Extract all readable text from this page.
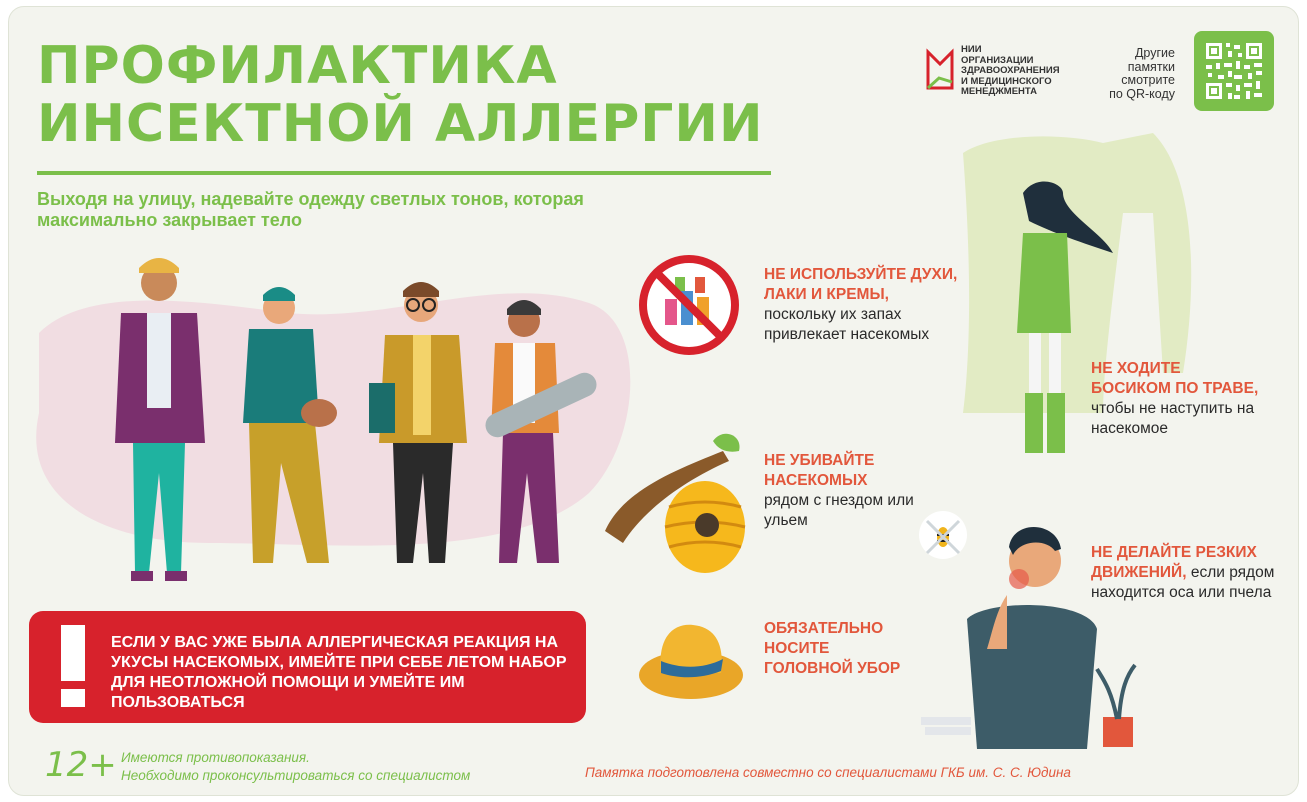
ПРОФИЛАКТИКА
ИНСЕКТНОЙ АЛЛЕРГИИ
Выходя на улицу, надевайте одежду светлых тонов, которая максимально закрывает тело
НИИ
ОРГАНИЗАЦИИ
ЗДРАВООХРАНЕНИЯ
И МЕДИЦИНСКОГО
МЕНЕДЖМЕНТА
Другие
памятки
смотрите
по QR-коду
ЕСЛИ У ВАС УЖЕ БЫЛА АЛЛЕРГИЧЕСКАЯ РЕАКЦИЯ НА УКУСЫ НАСЕКОМЫХ, ИМЕЙТЕ ПРИ СЕБЕ ЛЕТОМ НАБОР ДЛЯ НЕОТЛОЖНОЙ ПОМОЩИ И УМЕЙТЕ ИМ ПОЛЬЗОВАТЬСЯ
НЕ ИСПОЛЬЗУЙТЕ ДУХИ, ЛАКИ И КРЕМЫ, поскольку их запах привлекает насекомых
НЕ УБИВАЙТЕ НАСЕКОМЫХ
рядом с гнездом или ульем
ОБЯЗАТЕЛЬНО НОСИТЕ ГОЛОВНОЙ УБОР
НЕ ХОДИТЕ БОСИКОМ ПО ТРАВЕ, чтобы не наступить на насекомое
НЕ ДЕЛАЙТЕ РЕЗКИХ ДВИЖЕНИЙ, если рядом находится оса или пчела
12+ Имеются противопоказания.
Необходимо проконсультироваться со специалистом	Памятка подготовлена совместно со специалистами ГКБ им. С. С. Юдина
